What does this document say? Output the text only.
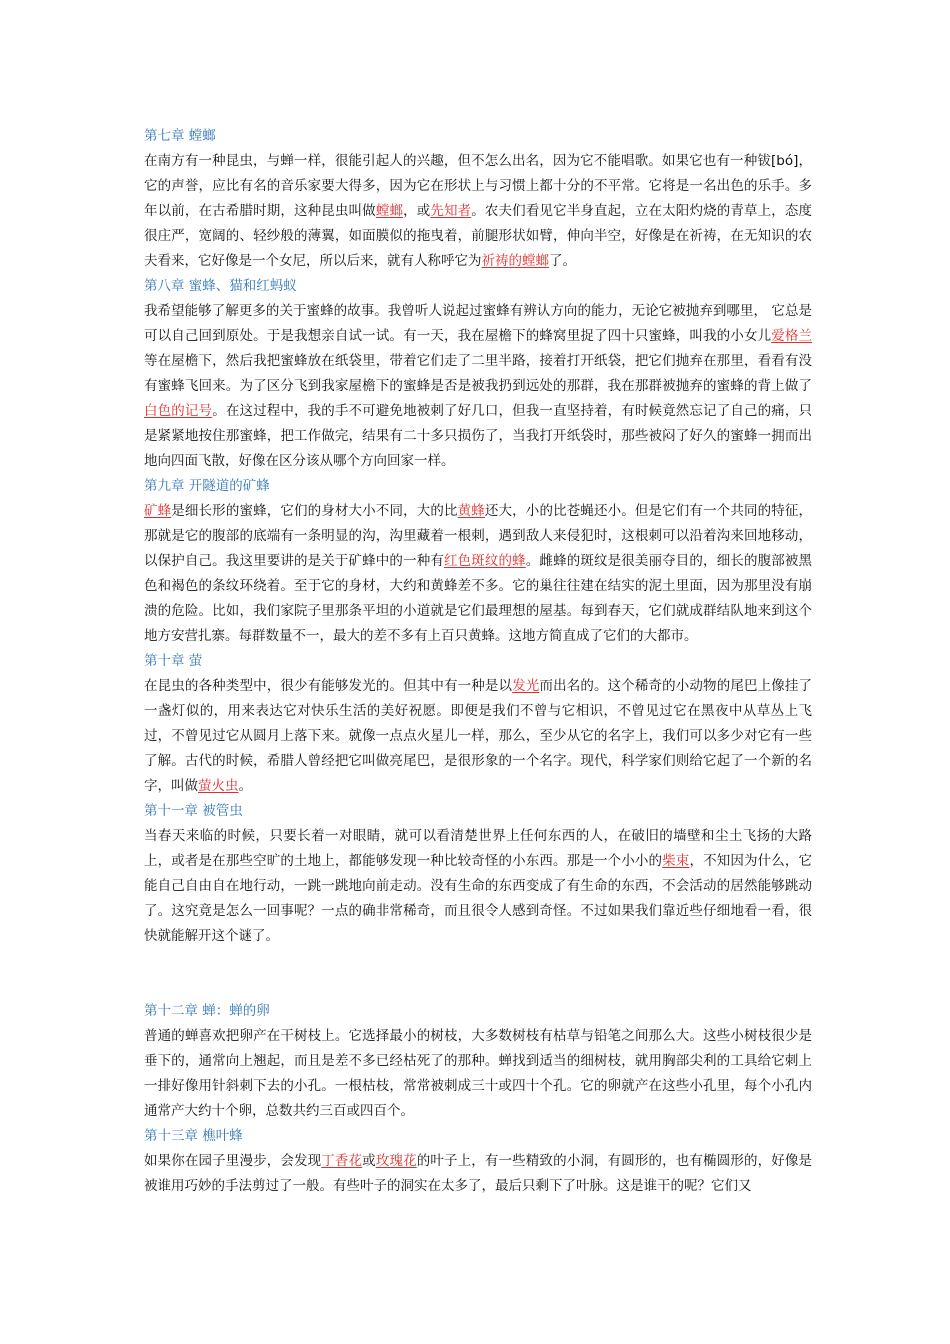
第七章 螳螂

在南方有一种昆虫，与蝉一样，很能引起人的兴趣，但不怎么出名，因为它不能唱歌。如果它也有一种钹[bó]，它的声誉，应比有名的音乐家要大得多，因为它在形状上与习惯上都十分的不平常。它将是一名出色的乐手。多年以前，在古希腊时期，这种昆虫叫做螳螂，或先知者。农夫们看见它半身直起，立在太阳灼烧的青草上，态度很庄严，宽阔的、轻纱般的薄翼，如面膜似的拖曳着，前腿形状如臂，伸向半空，好像是在祈祷，在无知识的农夫看来，它好像是一个女尼，所以后来，就有人称呼它为祈祷的螳螂了。

第八章 蜜蜂、猫和红蚂蚁

我希望能够了解更多的关于蜜蜂的故事。我曾听人说起过蜜蜂有辨认方向的能力，无论它被抛弃到哪里， 它总是可以自己回到原处。于是我想亲自试一试。有一天，我在屋檐下的蜂窝里捉了四十只蜜蜂，叫我的小女儿爱格兰等在屋檐下，然后我把蜜蜂放在纸袋里，带着它们走了二里半路，接着打开纸袋，把它们抛弃在那里，看看有没有蜜蜂飞回来。为了区分飞到我家屋檐下的蜜蜂是否是被我扔到远处的那群，我在那群被抛弃的蜜蜂的背上做了白色的记号。在这过程中，我的手不可避免地被刺了好几口，但我一直坚持着，有时候竟然忘记了自己的痛，只是紧紧地按住那蜜蜂，把工作做完，结果有二十多只损伤了，当我打开纸袋时，那些被闷了好久的蜜蜂一拥而出地向四面飞散，好像在区分该从哪个方向回家一样。

第九章 开隧道的矿蜂

矿蜂是细长形的蜜蜂，它们的身材大小不同，大的比黄蜂还大，小的比苍蝇还小。但是它们有一个共同的特征，那就是它的腹部的底端有一条明显的沟，沟里藏着一根刺，遇到敌人来侵犯时，这根刺可以沿着沟来回地移动，以保护自己。我这里要讲的是关于矿蜂中的一种有红色斑纹的蜂。雌蜂的斑纹是很美丽夺目的，细长的腹部被黑色和褐色的条纹环绕着。至于它的身材，大约和黄蜂差不多。它的巢往往建在结实的泥土里面，因为那里没有崩溃的危险。比如，我们家院子里那条平坦的小道就是它们最理想的屋基。每到春天，它们就成群结队地来到这个地方安营扎寨。每群数量不一，最大的差不多有上百只黄蜂。这地方简直成了它们的大都市。

第十章 萤

在昆虫的各种类型中，很少有能够发光的。但其中有一种是以发光而出名的。这个稀奇的小动物的尾巴上像挂了一盏灯似的，用来表达它对快乐生活的美好祝愿。即便是我们不曾与它相识，不曾见过它在黑夜中从草丛上飞过，不曾见过它从圆月上落下来。就像一点点火星儿一样，那么，至少从它的名字上，我们可以多少对它有一些了解。古代的时候，希腊人曾经把它叫做亮尾巴，是很形象的一个名字。现代，科学家们则给它起了一个新的名字，叫做萤火虫。

第十一章 被管虫

当春天来临的时候，只要长着一对眼睛，就可以看清楚世界上任何东西的人，在破旧的墙壁和尘土飞扬的大路上，或者是在那些空旷的土地上，都能够发现一种比较奇怪的小东西。那是一个小小的柴束，不知因为什么，它能自己自由自在地行动，一跳一跳地向前走动。没有生命的东西变成了有生命的东西，不会活动的居然能够跳动了。这究竟是怎么一回事呢？一点的确非常稀奇，而且很令人感到奇怪。不过如果我们靠近些仔细地看一看，很快就能解开这个谜了。

第十二章 蝉：蝉的卵

普通的蝉喜欢把卵产在干树枝上。它选择最小的树枝，大多数树枝有枯草与铅笔之间那么大。这些小树枝很少是垂下的，通常向上翘起，而且是差不多已经枯死了的那种。蝉找到适当的细树枝，就用胸部尖利的工具给它刺上一排好像用针斜刺下去的小孔。一根枯枝，常常被刺成三十或四十个孔。它的卵就产在这些小孔里，每个小孔内通常产大约十个卵，总数共约三百或四百个。

第十三章 樵叶蜂

如果你在园子里漫步，会发现丁香花或玫瑰花的叶子上，有一些精致的小洞，有圆形的，也有椭圆形的，好像是被谁用巧妙的手法剪过了一般。有些叶子的洞实在太多了，最后只剩下了叶脉。这是谁干的呢？它们又
